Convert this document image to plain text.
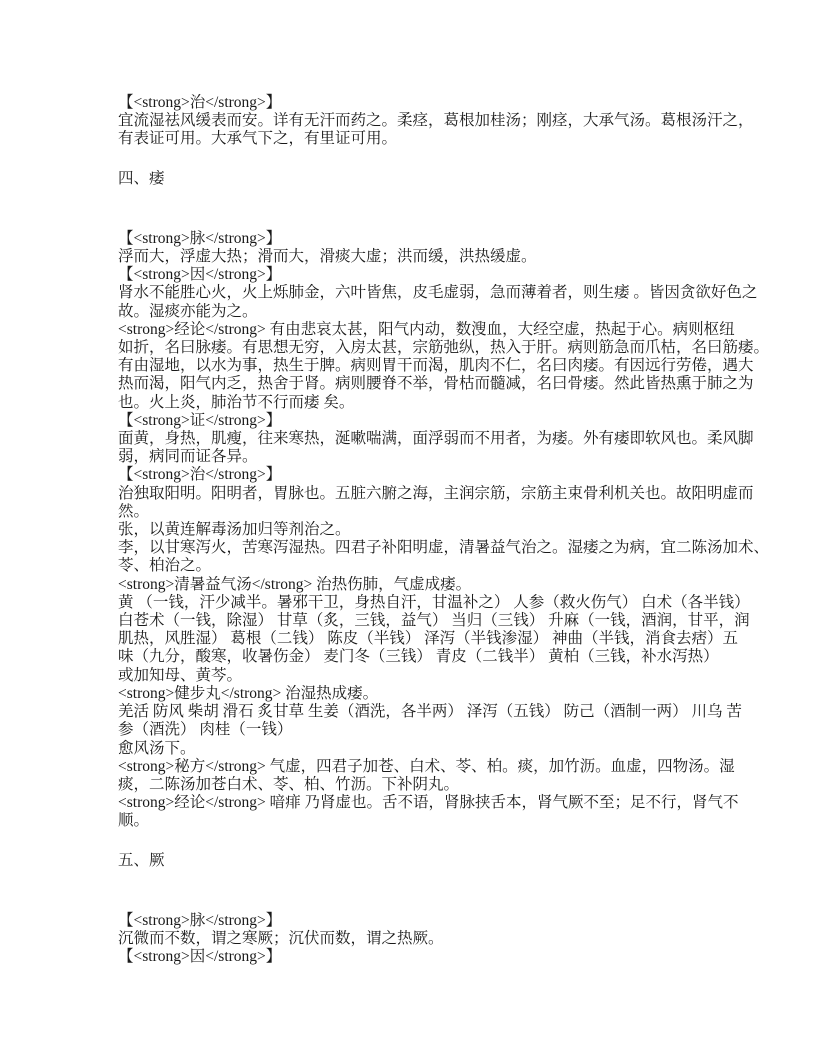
【<strong>治</strong>】
宜流湿祛风缓表而安。详有无汗而药之。柔痉，葛根加桂汤；刚痉，大承气汤。葛根汤汗之，
有表证可用。大承气下之，有里证可用。
四、痿
【<strong>脉</strong>】
浮而大，浮虚大热；滑而大，滑痰大虚；洪而缓，洪热缓虚。
【<strong>因</strong>】
肾水不能胜心火，火上烁肺金，六叶皆焦，皮毛虚弱，急而薄着者，则生痿 。皆因贪欲好色之
故。湿痰亦能为之。
<strong>经论</strong> 有由悲哀太甚，阳气内动，数溲血，大经空虚，热起于心。病则枢纽
如折，名曰脉痿。有思想无穷，入房太甚，宗筋弛纵，热入于肝。病则筋急而爪枯，名曰筋痿。
有由湿地，以水为事，热生于脾。病则胃干而渴，肌肉不仁，名曰肉痿。有因远行劳倦，遇大
热而渴，阳气内乏，热舍于肾。病则腰脊不举，骨枯而髓减，名曰骨痿。然此皆热熏于肺之为
也。火上炎，肺治节不行而痿 矣。
【<strong>证</strong>】
面黄，身热，肌瘦，往来寒热，涎嗽喘满，面浮弱而不用者，为痿。外有痿即软风也。柔风脚
弱，病同而证各异。
【<strong>治</strong>】
治独取阳明。阳明者，胃脉也。五脏六腑之海，主润宗筋，宗筋主束骨利机关也。故阳明虚而
然。
张，以黄连解毒汤加归等剂治之。
李，以甘寒泻火，苦寒泻湿热。四君子补阳明虚，清暑益气治之。湿痿之为病，宜二陈汤加术、
苓、柏治之。
<strong>清暑益气汤</strong> 治热伤肺，气虚成痿。
黄 （一钱，汗少减半。暑邪干卫，身热自汗，甘温补之） 人参（救火伤气） 白术（各半钱）
白苍术（一钱，除湿） 甘草（炙，三钱，益气） 当归（三钱） 升麻（一钱，酒润，甘平，润
肌热，风胜湿） 葛根（二钱） 陈皮（半钱） 泽泻（半钱渗湿） 神曲（半钱，消食去痞）五
味（九分，酸寒，收暑伤金） 麦门冬（三钱） 青皮（二钱半） 黄柏（三钱，补水泻热）
或加知母、黄芩。
<strong>健步丸</strong> 治湿热成痿。
羌活 防风 柴胡 滑石 炙甘草 生姜（酒洗，各半两） 泽泻（五钱） 防己（酒制一两） 川乌 苦
参（酒洗） 肉桂（一钱）
愈风汤下。
<strong>秘方</strong> 气虚，四君子加苍、白术、苓、柏。痰，加竹沥。血虚，四物汤。湿
痰，二陈汤加苍白术、苓、柏、竹沥。下补阴丸。
<strong>经论</strong> 喑痱 乃肾虚也。舌不语，肾脉挟舌本，肾气厥不至；足不行，肾气不
顺。
五、厥
【<strong>脉</strong>】
沉微而不数，谓之寒厥；沉伏而数，谓之热厥。
【<strong>因</strong>】
